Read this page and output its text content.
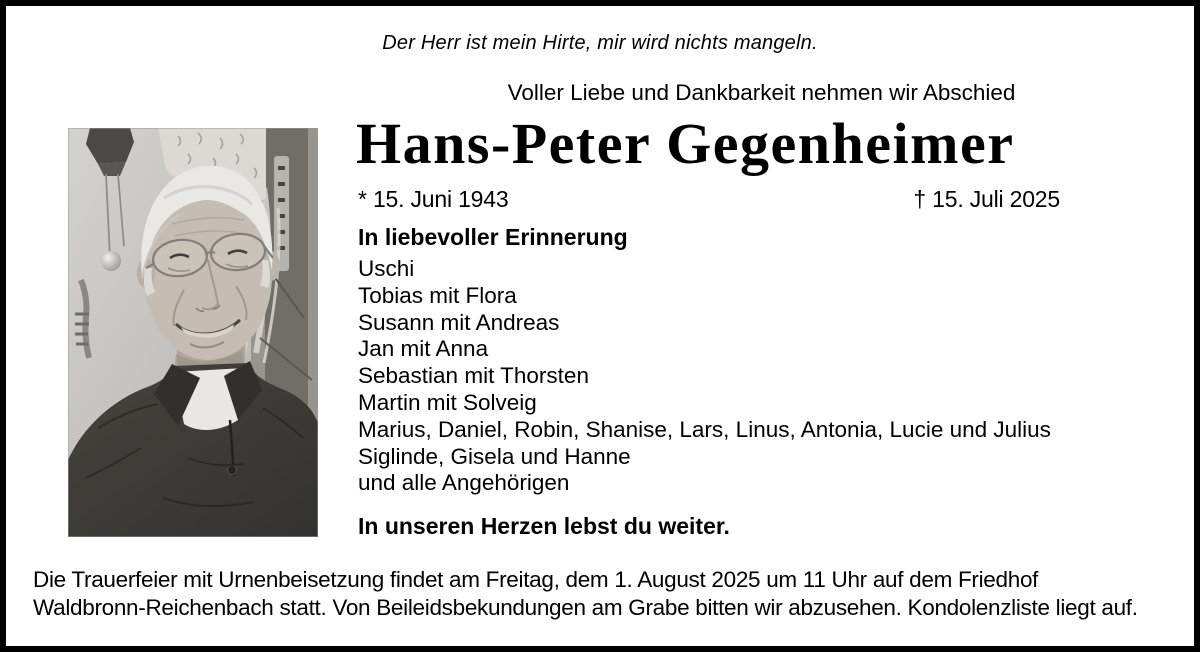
Der Herr ist mein Hirte, mir wird nichts mangeln.
Voller Liebe und Dankbarkeit nehmen wir Abschied
Hans-Peter Gegenheimer
* 15. Juni 1943	† 15. Juli 2025
In liebevoller Erinnerung
Uschi
Tobias mit Flora
Susann mit Andreas
Jan mit Anna
Sebastian mit Thorsten
Martin mit Solveig
Marius, Daniel, Robin, Shanise, Lars, Linus, Antonia, Lucie und Julius
Siglinde, Gisela und Hanne
und alle Angehörigen
In unseren Herzen lebst du weiter.
Die Trauerfeier mit Urnenbeisetzung findet am Freitag, dem 1. August 2025 um 11 Uhr auf dem Friedhof
Waldbronn-Reichenbach statt. Von Beileidsbekundungen am Grabe bitten wir abzusehen. Kondolenzliste liegt auf.
